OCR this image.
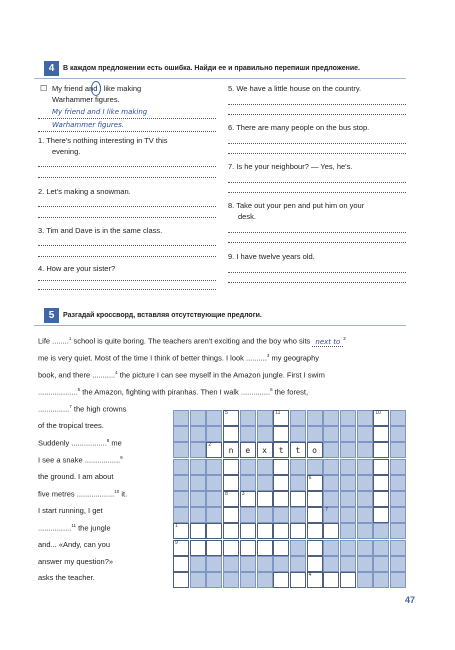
4	В каждом предложении есть ошибка. Найди ее и правильно перепиши предложение.
☐ My friend and I like making
Warhammer figures.
My friend and I like making
Warhammer figures.
1. There's nothing interesting in TV this
evening.
2. Let's making a snowman.
3. Tim and Dave is in the same class.
4. How are your sister?
5. We have a little house on the country.
6. There are many people on the bus stop.
7. Is he your neighbour? — Yes, he's.
8. Take out your pen and put him on your
desk.
9. I have twelve years old.
5	Разгадай кроссворд, вставляя отсутствующие предлоги.
Life ........$^1$ school is quite boring. The teachers aren't exciting and the boy who sits next to $^2$
me is very quiet. Most of the time I think of better things. I look ..........$^3$ my geography
book, and there ...........$^4$ the picture I can see myself in the Amazon jungle. First I swim
...................$^5$ the Amazon, fighting with piranhas. Then I walk ..............$^6$ the forest,
...............$^7$ the high crowns
of the tropical trees.
Suddenly .................$^8$ me
I see a snake .................$^9$
the ground. I am about
five metres ..................$^{10}$ it.
I start running, I get
................$^{11}$ the jungle
and... «Andy, can you
answer my question?»
asks the teacher.
5	11	10
2
n	e	x	t	t	o
6
8	3
7
1
9
4
47
